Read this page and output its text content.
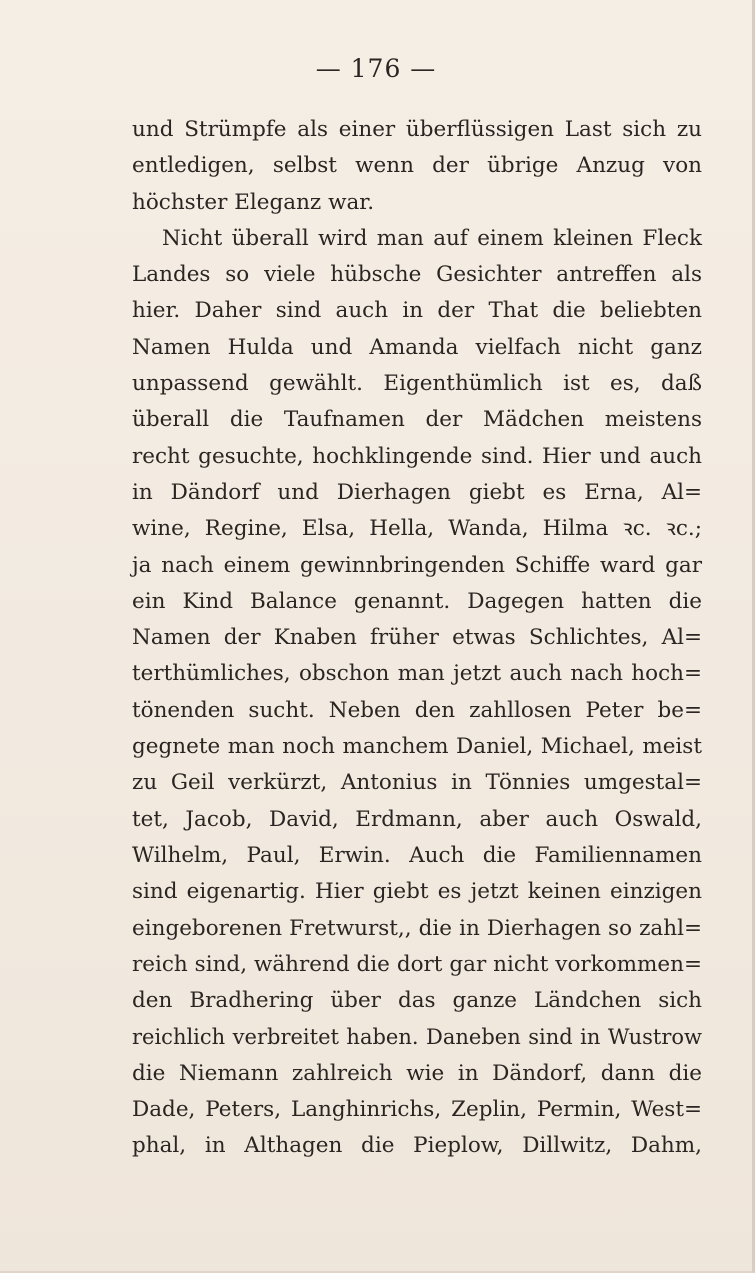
— 176 —
und Strümpfe als einer überflüssigen Last sich zu
entledigen, selbst wenn der übrige Anzug von
höchster Eleganz war.
Nicht überall wird man auf einem kleinen Fleck
Landes so viele hübsche Gesichter antreffen als
hier. Daher sind auch in der That die beliebten
Namen Hulda und Amanda vielfach nicht ganz
unpassend gewählt. Eigenthümlich ist es, daß
überall die Taufnamen der Mädchen meistens
recht gesuchte, hochklingende sind. Hier und auch
in Dändorf und Dierhagen giebt es Erna, Al=
wine, Regine, Elsa, Hella, Wanda, Hilma ꝛc. ꝛc.;
ja nach einem gewinnbringenden Schiffe ward gar
ein Kind Balance genannt. Dagegen hatten die
Namen der Knaben früher etwas Schlichtes, Al=
terthümliches, obschon man jetzt auch nach hoch=
tönenden sucht. Neben den zahllosen Peter be=
gegnete man noch manchem Daniel, Michael, meist
zu Geil verkürzt, Antonius in Tönnies umgestal=
tet, Jacob, David, Erdmann, aber auch Oswald,
Wilhelm, Paul, Erwin. Auch die Familiennamen
sind eigenartig. Hier giebt es jetzt keinen einzigen
eingeborenen Fretwurst,, die in Dierhagen so zahl=
reich sind, während die dort gar nicht vorkommen=
den Bradhering über das ganze Ländchen sich
reichlich verbreitet haben. Daneben sind in Wustrow
die Niemann zahlreich wie in Dändorf, dann die
Dade, Peters, Langhinrichs, Zeplin, Permin, West=
phal, in Althagen die Pieplow, Dillwitz, Dahm,
